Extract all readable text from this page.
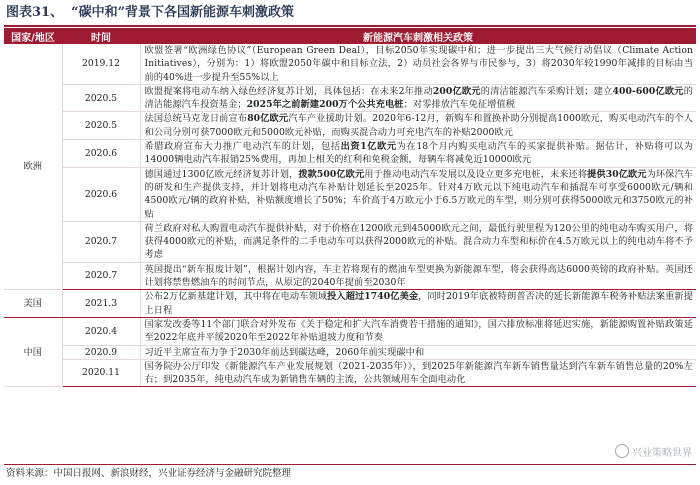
图表31、 “碳中和”背景下各国新能源车刺激政策
国家/地区	时间	新能源汽车刺激相关政策
欧洲	2019.12	欧盟签署“欧洲绿色协议”（European Green Deal），目标2050年实现碳中和；进一步提出三大气候行动倡议（Climate Action Initiatives），分别为：1）将欧盟2050年碳中和目标立法，2）动员社会各界与市民参与，3）将2030年较1990年减排的目标由当前的40%进一步提升至55%以上
	2020.5	欧盟提案将电动车纳入绿色经济复苏计划，具体包括：在未来2年推动200亿欧元的清洁能源汽车采购计划；建立400-600亿欧元的清洁能源汽车投资基金；2025年之前新建200万个公共充电桩；对零排放汽车免征增值税
	2020.5	法国总统马克龙日前宣布80亿欧元汽车产业援助计划。2020年6-12月，新购车和置换补助分别提高1000欧元，购买电动汽车的个人和公司分别可获7000欧元和5000欧元补贴，而购买混合动力可充电汽车的补贴2000欧元
	2020.6	希腊政府宣布大力推广电动汽车的计划，包括出资1亿欧元为在18个月内购买电动汽车的买家提供补贴。据估计，补贴将可以为14000辆电动汽车报销25%费用，再加上相关的红利和免税金额，每辆车将减免近10000欧元
	2020.6	德国通过1300亿欧元经济复苏计划，拨款500亿欧元用于推动电动汽车发展以及设立更多充电桩，未来还将提供30亿欧元为环保汽车的研发和生产提供支持，并计划将电动汽车补贴计划延长至2025年。针对4万欧元以下纯电动汽车和插混车可享受6000欧元/辆和4500欧元/辆的政府补贴，补贴额度增长了50%；车价高于4万欧元小于6.5万欧元的车型，则分别可获得5000欧元和3750欧元的补贴
	2020.7	荷兰政府对私人购置电动汽车提供补贴，对于价格在1200欧元到45000欧元之间，最低行驶里程为120公里的纯电动车购买用户，将获得4000欧元的补贴，而满足条件的二手电动车可以获得2000欧元的补贴。混合动力车型和标价在4.5万欧元以上的纯电动车将不予考虑
	2020.7	英国提出“新车报废计划”，根据计划内容，车主若将现有的燃油车型更换为新能源车型，将会获得高达6000英镑的政府补贴。英国还计划将禁售燃油车的时间节点，从原定的2040年提前至2030年
美国	2021.3	公布2万亿新基建计划，其中将在电动车领域投入超过1740亿美金，同时2019年底被特朗普否决的延长新能源车税务补贴法案重新提上日程
中国	2020.4	国家发改委等11个部门联合对外发布《关于稳定和扩大汽车消费若干措施的通知》，国六排放标准将延迟实施，新能源购置补贴政策延至2022年底并平缓2020年至2022年补贴退坡力度和节奏
	2020.9	习近平主席宣布力争于2030年前达到碳达峰，2060年前实现碳中和
	2020.11	国务院办公厅印发《新能源汽车产业发展规划（2021-2035年）》，到2025年新能源汽车新车销售量达到汽车新车销售总量的20%左右；到2035年，纯电动汽车成为新销售车辆的主流，公共领域用车全面电动化
资料来源：中国日报网、新浪财经，兴业证券经济与金融研究院整理
兴业策略世界
